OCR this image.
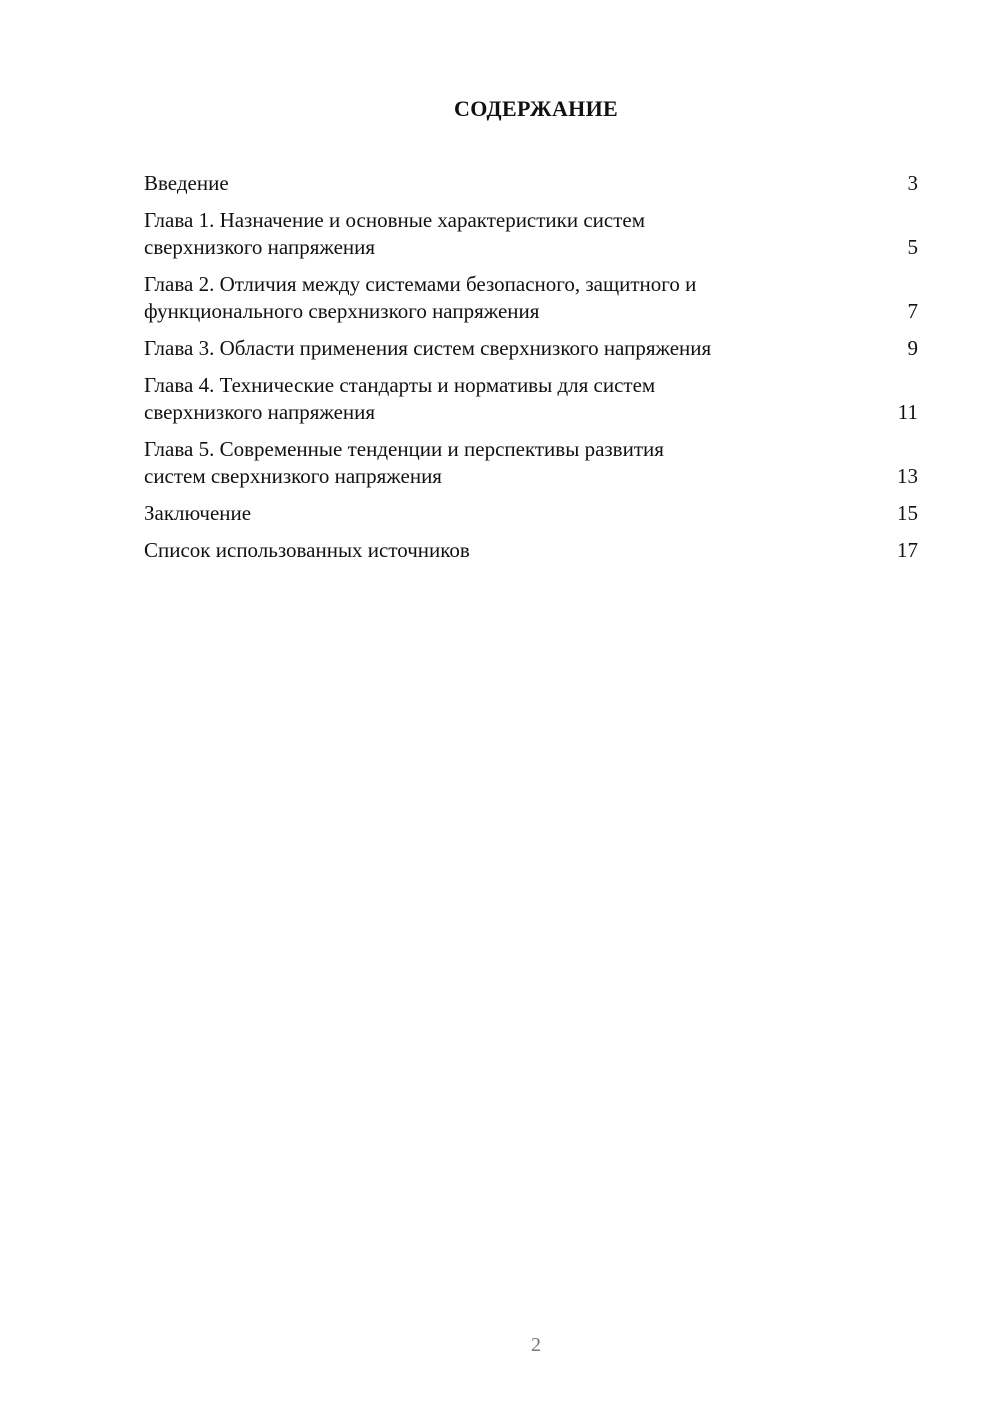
СОДЕРЖАНИЕ
Введение	3
Глава 1. Назначение и основные характеристики систем
сверхнизкого напряжения	5
Глава 2. Отличия между системами безопасного, защитного и
функционального сверхнизкого напряжения	7
Глава 3. Области применения систем сверхнизкого напряжения	9
Глава 4. Технические стандарты и нормативы для систем
сверхнизкого напряжения	11
Глава 5. Современные тенденции и перспективы развития
систем сверхнизкого напряжения	13
Заключение	15
Список использованных источников	17
2
